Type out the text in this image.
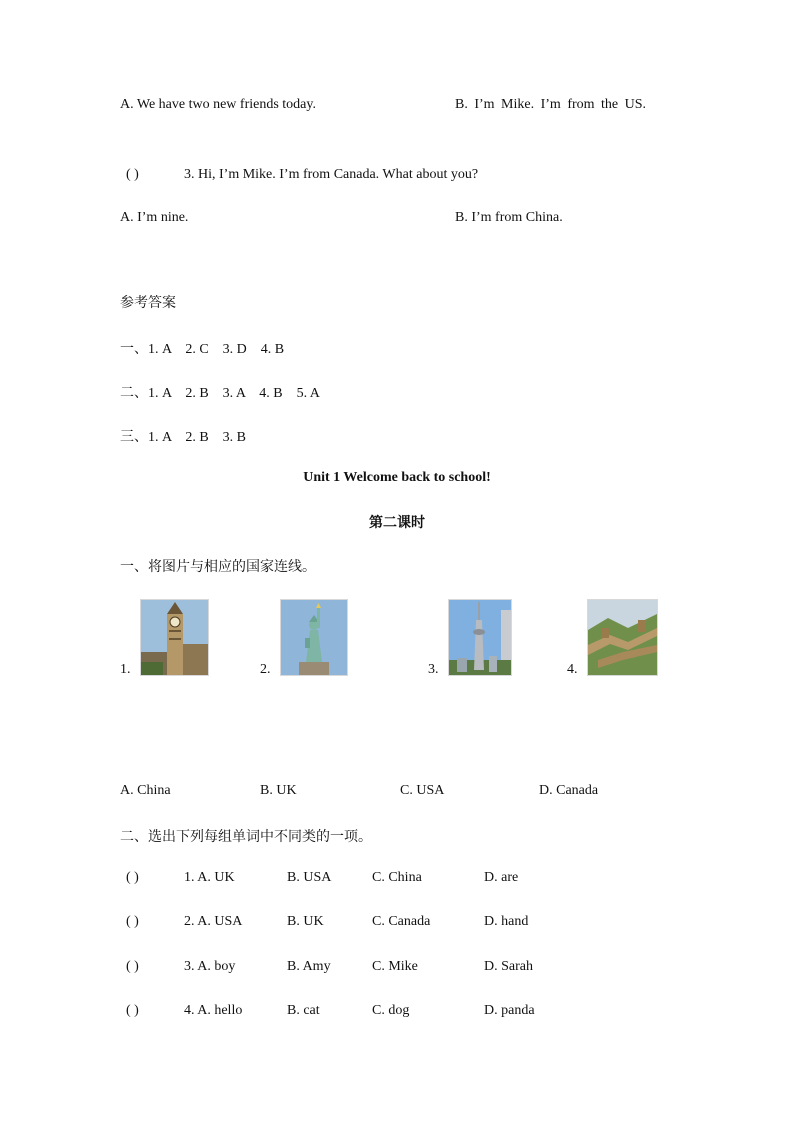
A. We have two new friends today.	B. I’m Mike. I’m from the US.
( )	3. Hi, I’m Mike. I’m from Canada. What about you?
A. I’m nine.	B. I’m from China.
参考答案
一、1. A    2. C    3. D    4. B
二、1. A    2. B    3. A    4. B    5. A
三、1. A    2. B    3. B
Unit 1 Welcome back to school!
第二课时
一、将图片与相应的国家连线。
1.	2.	3.	4.
A. China	B. UK	C. USA	D. Canada
二、选出下列每组单词中不同类的一项。
( )	1. A. UK	B. USA	C. China	D. are
( )	2. A. USA	B. UK	C. Canada	D. hand
( )	3. A. boy	B. Amy	C. Mike	D. Sarah
( )	4. A. hello	B. cat	C. dog	D. panda
